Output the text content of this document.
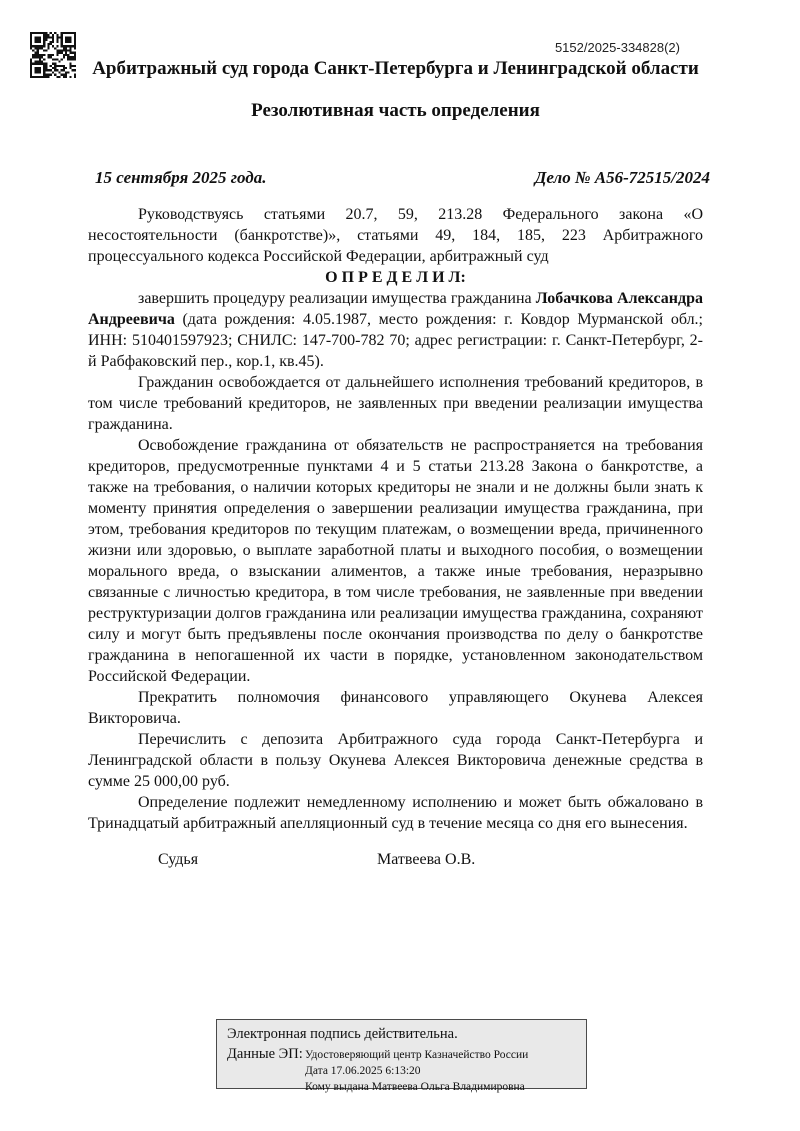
5152/2025-334828(2)
Арбитражный суд города Санкт-Петербурга и Ленинградской области
Резолютивная часть определения
15 сентября 2025 года.	Дело № А56-72515/2024

Руководствуясь статьями 20.7, 59, 213.28 Федерального закона «О несостоятельности (банкротстве)», статьями 49, 184, 185, 223 Арбитражного процессуального кодекса Российской Федерации, арбитражный суд

О П Р Е Д Е Л И Л:

завершить процедуру реализации имущества гражданина Лобачкова Александра Андреевича (дата рождения: 4.05.1987, место рождения: г. Ковдор Мурманской обл.; ИНН: 510401597923; СНИЛС: 147-700-782 70; адрес регистрации: г. Санкт-Петербург, 2-й Рабфаковский пер., кор.1, кв.45).

Гражданин освобождается от дальнейшего исполнения требований кредиторов, в том числе требований кредиторов, не заявленных при введении реализации имущества гражданина.

Освобождение гражданина от обязательств не распространяется на требования кредиторов, предусмотренные пунктами 4 и 5 статьи 213.28 Закона о банкротстве, а также на требования, о наличии которых кредиторы не знали и не должны были знать к моменту принятия определения о завершении реализации имущества гражданина, при этом, требования кредиторов по текущим платежам, о возмещении вреда, причиненного жизни или здоровью, о выплате заработной платы и выходного пособия, о возмещении морального вреда, о взыскании алиментов, а также иные требования, неразрывно связанные с личностью кредитора, в том числе требования, не заявленные при введении реструктуризации долгов гражданина или реализации имущества гражданина, сохраняют силу и могут быть предъявлены после окончания производства по делу о банкротстве гражданина в непогашенной их части в порядке, установленном законодательством Российской Федерации.

Прекратить полномочия финансового управляющего Окунева Алексея Викторовича.

Перечислить с депозита Арбитражного суда города Санкт-Петербурга и Ленинградской области в пользу Окунева Алексея Викторовича денежные средства в сумме 25 000,00 руб.

Определение подлежит немедленному исполнению и может быть обжаловано в Тринадцатый арбитражный апелляционный суд в течение месяца со дня его вынесения.

Судья	Матвеева О.В.
Электронная подпись действительна.
Данные ЭП: Удостоверяющий центр Казначейство России
Дата 17.06.2025 6:13:20
Кому выдана Матвеева Ольга Владимировна
